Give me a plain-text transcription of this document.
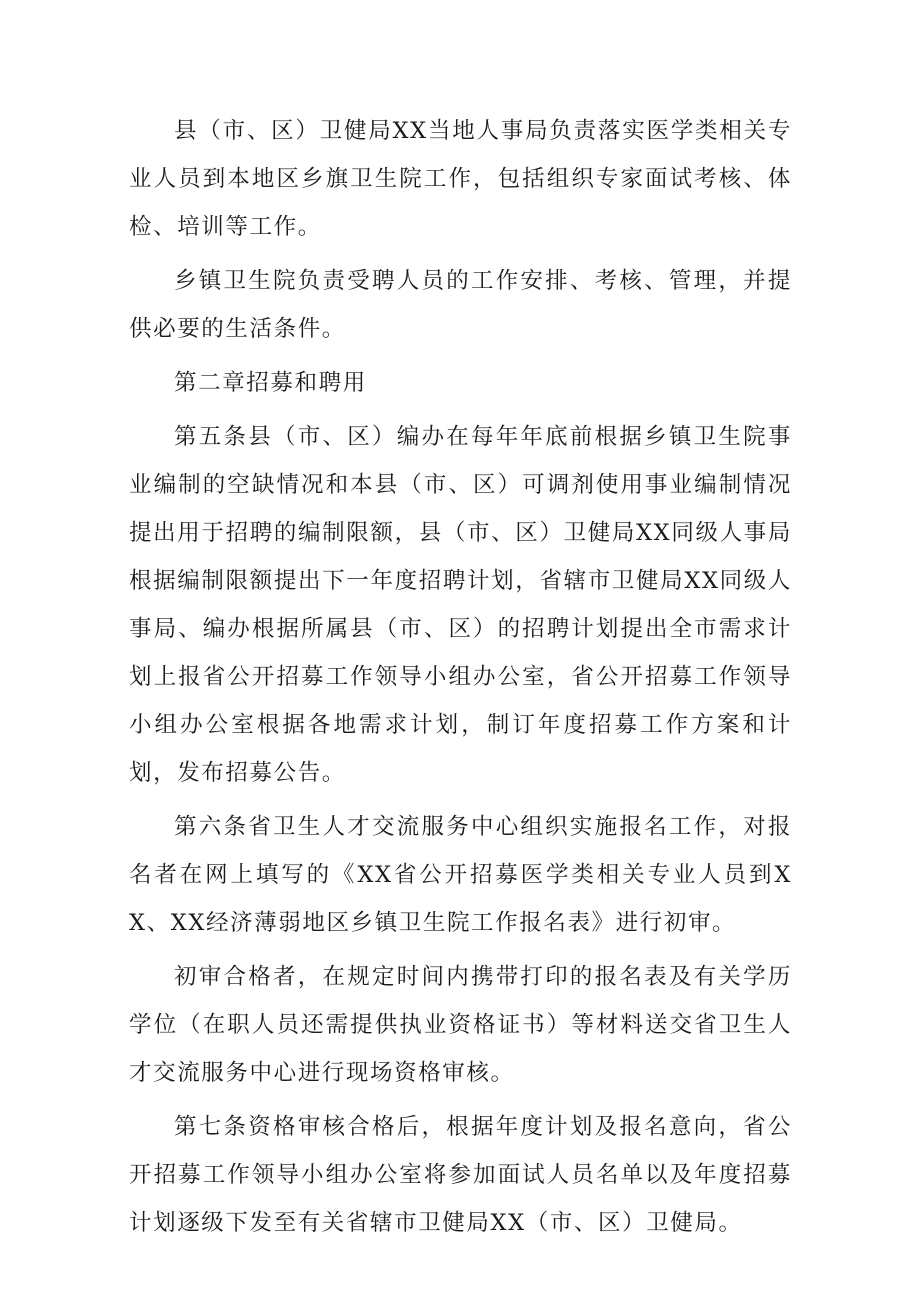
县（市、区）卫健局XX当地人事局负责落实医学类相关专业人员到本地区乡旗卫生院工作，包括组织专家面试考核、体检、培训等工作。

乡镇卫生院负责受聘人员的工作安排、考核、管理，并提供必要的生活条件。

第二章招募和聘用

第五条县（市、区）编办在每年年底前根据乡镇卫生院事业编制的空缺情况和本县（市、区）可调剂使用事业编制情况提出用于招聘的编制限额，县（市、区）卫健局XX同级人事局根据编制限额提出下一年度招聘计划，省辖市卫健局XX同级人事局、编办根据所属县（市、区）的招聘计划提出全市需求计划上报省公开招募工作领导小组办公室，省公开招募工作领导小组办公室根据各地需求计划，制订年度招募工作方案和计划，发布招募公告。

第六条省卫生人才交流服务中心组织实施报名工作，对报名者在网上填写的《XX省公开招募医学类相关专业人员到XX、XX经济薄弱地区乡镇卫生院工作报名表》进行初审。

初审合格者，在规定时间内携带打印的报名表及有关学历学位（在职人员还需提供执业资格证书）等材料送交省卫生人才交流服务中心进行现场资格审核。

第七条资格审核合格后，根据年度计划及报名意向，省公开招募工作领导小组办公室将参加面试人员名单以及年度招募计划逐级下发至有关省辖市卫健局XX（市、区）卫健局。
